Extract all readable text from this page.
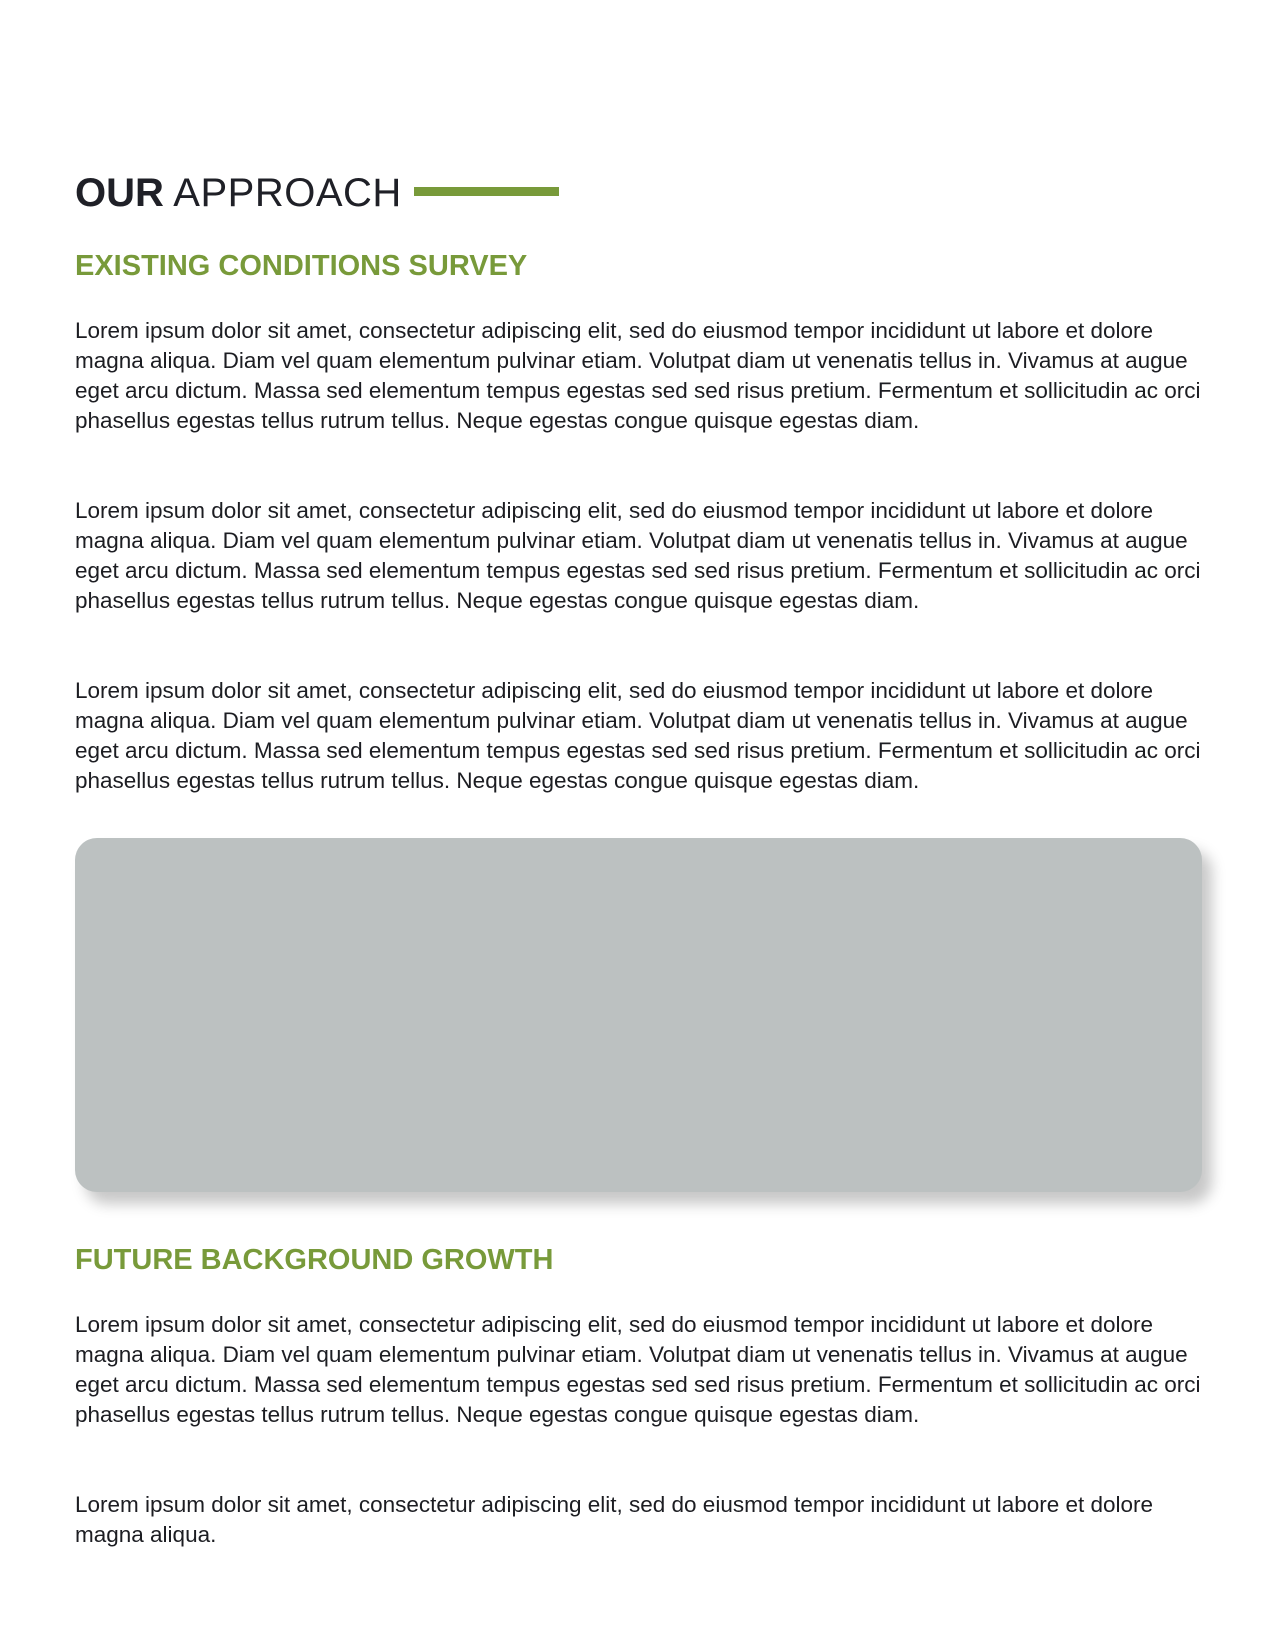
OUR APPROACH
EXISTING CONDITIONS SURVEY

Lorem ipsum dolor sit amet, consectetur adipiscing elit, sed do eiusmod tempor incididunt ut labore et dolore magna aliqua. Diam vel quam elementum pulvinar etiam. Volutpat diam ut venenatis tellus in. Vivamus at augue eget arcu dictum. Massa sed elementum tempus egestas sed sed risus pretium. Fermentum et sollicitudin ac orci phasellus egestas tellus rutrum tellus. Neque egestas congue quisque egestas diam.

Lorem ipsum dolor sit amet, consectetur adipiscing elit, sed do eiusmod tempor incididunt ut labore et dolore magna aliqua. Diam vel quam elementum pulvinar etiam. Volutpat diam ut venenatis tellus in. Vivamus at augue eget arcu dictum. Massa sed elementum tempus egestas sed sed risus pretium. Fermentum et sollicitudin ac orci phasellus egestas tellus rutrum tellus. Neque egestas congue quisque egestas diam.

Lorem ipsum dolor sit amet, consectetur adipiscing elit, sed do eiusmod tempor incididunt ut labore et dolore magna aliqua. Diam vel quam elementum pulvinar etiam. Volutpat diam ut venenatis tellus in. Vivamus at augue eget arcu dictum. Massa sed elementum tempus egestas sed sed risus pretium. Fermentum et sollicitudin ac orci phasellus egestas tellus rutrum tellus. Neque egestas congue quisque egestas diam.

FUTURE BACKGROUND GROWTH

Lorem ipsum dolor sit amet, consectetur adipiscing elit, sed do eiusmod tempor incididunt ut labore et dolore magna aliqua. Diam vel quam elementum pulvinar etiam. Volutpat diam ut venenatis tellus in. Vivamus at augue eget arcu dictum. Massa sed elementum tempus egestas sed sed risus pretium. Fermentum et sollicitudin ac orci phasellus egestas tellus rutrum tellus. Neque egestas congue quisque egestas diam.

Lorem ipsum dolor sit amet, consectetur adipiscing elit, sed do eiusmod tempor incididunt ut labore et dolore magna aliqua.
